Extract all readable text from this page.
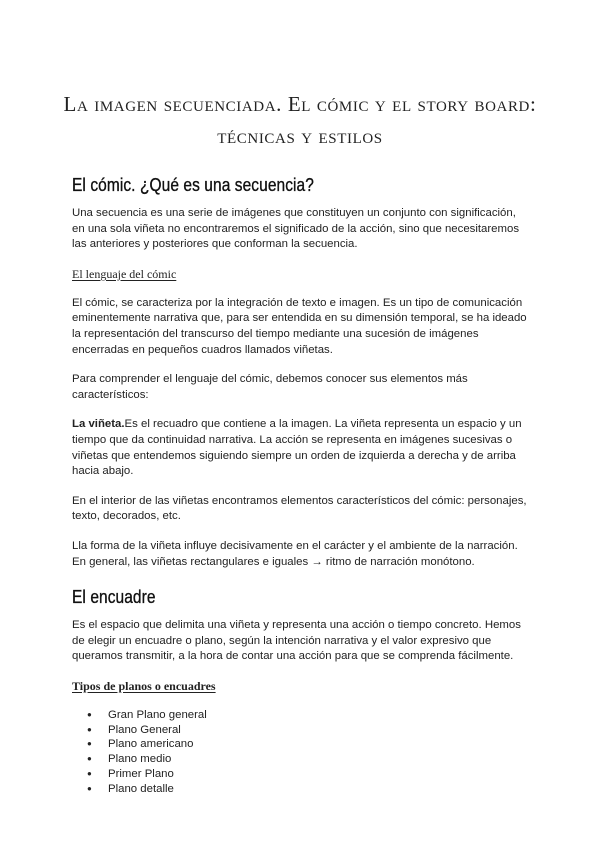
La imagen secuenciada. El cómic y el story board:
técnicas y estilos
El cómic. ¿Qué es una secuencia?

Una secuencia es una serie de imágenes que constituyen un conjunto con significación, en una sola viñeta no encontraremos el significado de la acción, sino que necesitaremos las anteriores y posteriores que conforman la secuencia.

El lenguaje del cómic

El cómic, se caracteriza por la integración de texto e imagen. Es un tipo de comunicación eminentemente narrativa que, para ser entendida en su dimensión temporal, se ha ideado la representación del transcurso del tiempo mediante una sucesión de imágenes encerradas en pequeños cuadros llamados viñetas.

Para comprender el lenguaje del cómic, debemos conocer sus elementos más característicos:

La viñeta.Es el recuadro que contiene a la imagen. La viñeta representa un espacio y un tiempo que da continuidad narrativa. La acción se representa en imágenes sucesivas o viñetas que entendemos siguiendo siempre un orden de izquierda a derecha y de arriba hacia abajo.

En el interior de las viñetas encontramos elementos característicos del cómic: personajes, texto, decorados, etc.

Lla forma de la viñeta influye decisivamente en el carácter y el ambiente de la narración. En general, las viñetas rectangulares e iguales → ritmo de narración monótono.

El encuadre

Es el espacio que delimita una viñeta y representa una acción o tiempo concreto. Hemos de elegir un encuadre o plano, según la intención narrativa y el valor expresivo que queramos transmitir, a la hora de contar una acción para que se comprenda fácilmente.

Tipos de planos o encuadres
● Gran Plano general
● Plano General
● Plano americano
● Plano medio
● Primer Plano
● Plano detalle
